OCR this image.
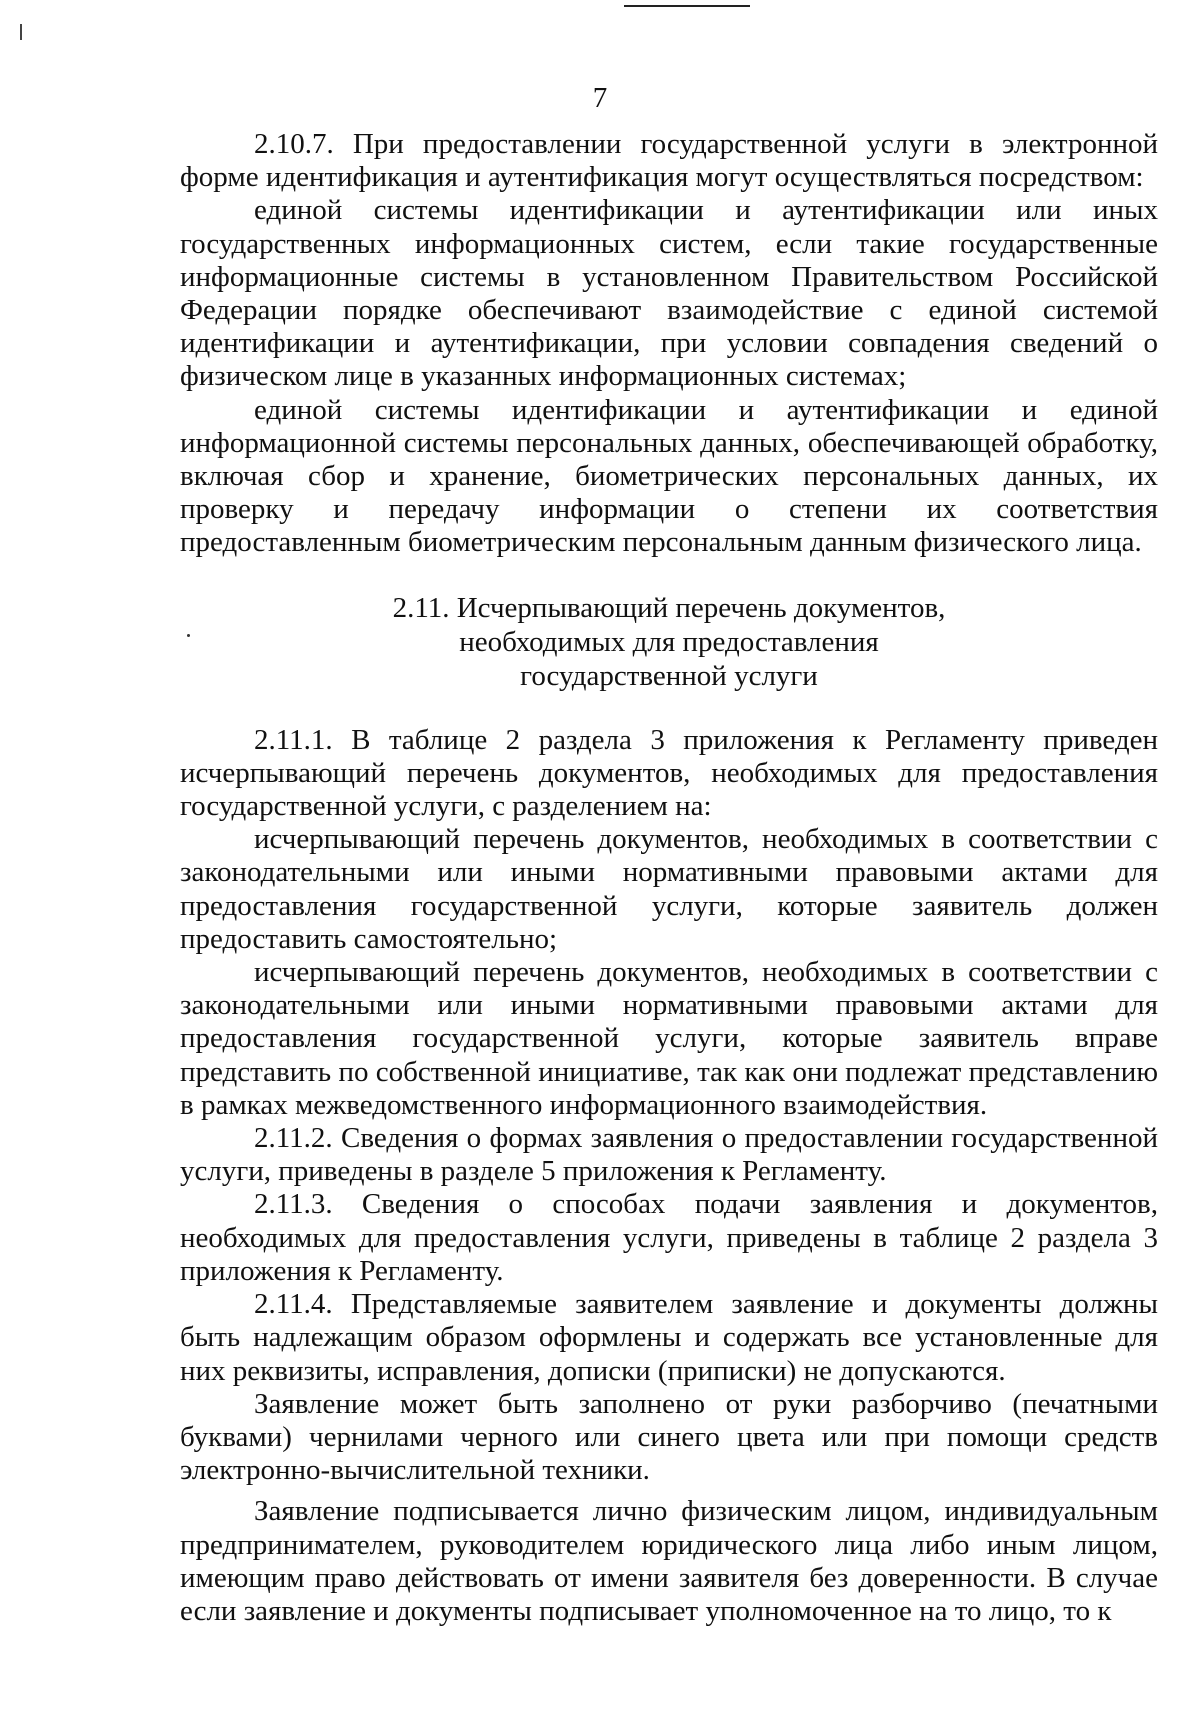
7

2.10.7. При предоставлении государственной услуги в электронной форме идентификация и аутентификация могут осуществляться посредством:

единой системы идентификации и аутентификации или иных государственных информационных систем, если такие государственные информационные системы в установленном Правительством Российской Федерации порядке обеспечивают взаимодействие с единой системой идентификации и аутентификации, при условии совпадения сведений о физическом лице в указанных информационных системах;

единой системы идентификации и аутентификации и единой информационной системы персональных данных, обеспечивающей обработку, включая сбор и хранение, биометрических персональных данных, их проверку и передачу информации о степени их соответствия предоставленным биометрическим персональным данным физического лица.

2.11. Исчерпывающий перечень документов,

необходимых для предоставления

государственной услуги

2.11.1. В таблице 2 раздела 3 приложения к Регламенту приведен исчерпывающий перечень документов, необходимых для предоставления государственной услуги, с разделением на:

исчерпывающий перечень документов, необходимых в соответствии с законодательными или иными нормативными правовыми актами для предоставления государственной услуги, которые заявитель должен предоставить самостоятельно;

исчерпывающий перечень документов, необходимых в соответствии с законодательными или иными нормативными правовыми актами для предоставления государственной услуги, которые заявитель вправе представить по собственной инициативе, так как они подлежат представлению в рамках межведомственного информационного взаимодействия.

2.11.2. Сведения о формах заявления о предоставлении государственной услуги, приведены в разделе 5 приложения к Регламенту.

2.11.3. Сведения о способах подачи заявления и документов, необходимых для предоставления услуги, приведены в таблице 2 раздела 3 приложения к Регламенту.

2.11.4. Представляемые заявителем заявление и документы должны быть надлежащим образом оформлены и содержать все установленные для них реквизиты, исправления, дописки (приписки) не допускаются.

Заявление может быть заполнено от руки разборчиво (печатными буквами) чернилами черного или синего цвета или при помощи средств электронно-вычислительной техники.

Заявление подписывается лично физическим лицом, индивидуальным предпринимателем, руководителем юридического лица либо иным лицом, имеющим право действовать от имени заявителя без доверенности. В случае если заявление и документы подписывает уполномоченное на то лицо, то к
